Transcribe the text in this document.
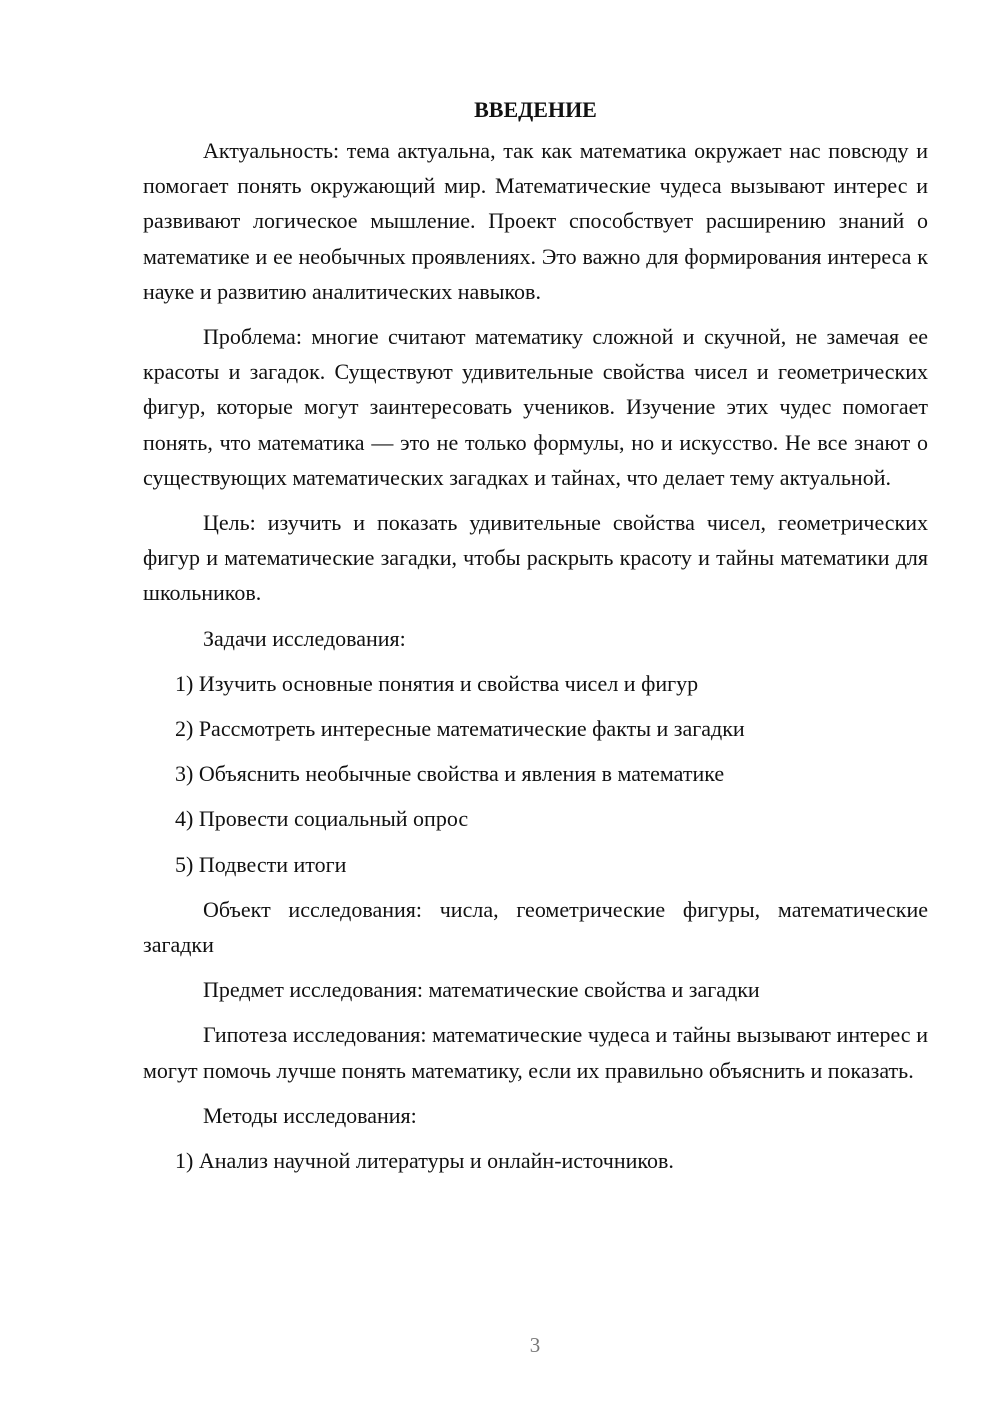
ВВЕДЕНИЕ

Актуальность: тема актуальна, так как математика окружает нас повсюду и помогает понять окружающий мир. Математические чудеса вызывают интерес и развивают логическое мышление. Проект способствует расширению знаний о математике и ее необычных проявлениях. Это важно для формирования интереса к науке и развитию аналитических навыков.

Проблема: многие считают математику сложной и скучной, не замечая ее красоты и загадок. Существуют удивительные свойства чисел и геометрических фигур, которые могут заинтересовать учеников. Изучение этих чудес помогает понять, что математика — это не только формулы, но и искусство. Не все знают о существующих математических загадках и тайнах, что делает тему актуальной.

Цель: изучить и показать удивительные свойства чисел, геометрических фигур и математические загадки, чтобы раскрыть красоту и тайны математики для школьников.

Задачи исследования:

1) Изучить основные понятия и свойства чисел и фигур

2) Рассмотреть интересные математические факты и загадки

3) Объяснить необычные свойства и явления в математике

4) Провести социальный опрос

5) Подвести итоги

Объект исследования: числа, геометрические фигуры, математические загадки

Предмет исследования: математические свойства и загадки

Гипотеза исследования: математические чудеса и тайны вызывают интерес и могут помочь лучше понять математику, если их правильно объяснить и показать.

Методы исследования:

1) Анализ научной литературы и онлайн-источников.

3
